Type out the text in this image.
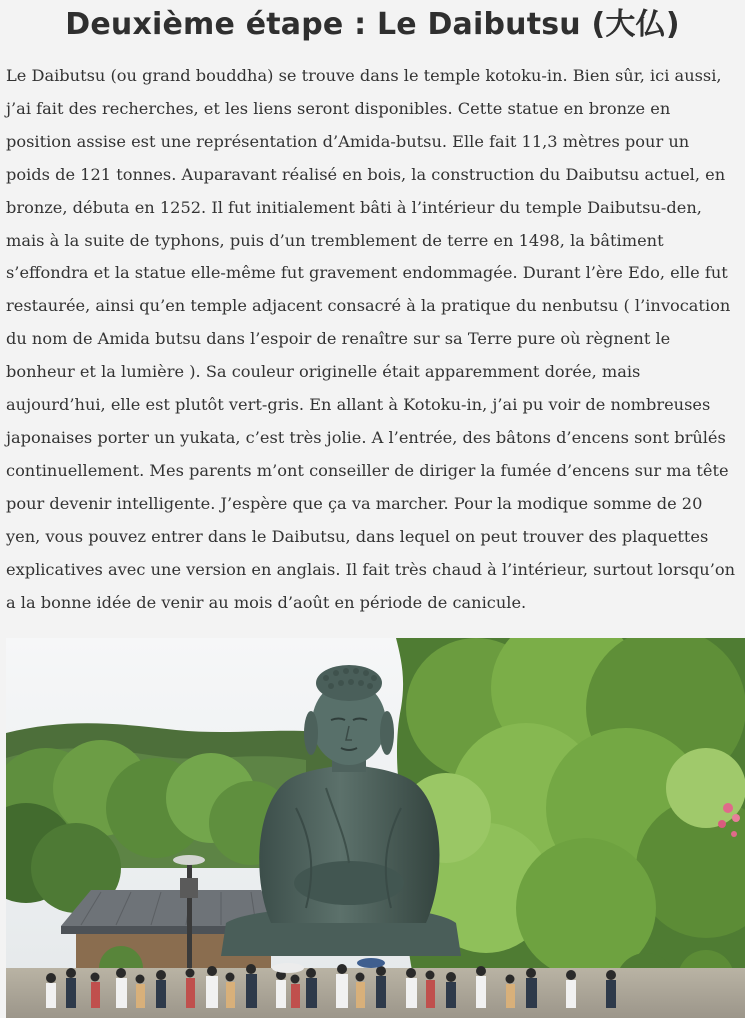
Deuxième étape : Le Daibutsu (大仏)

Le Daibutsu (ou grand bouddha) se trouve dans le temple kotoku-in. Bien sûr, ici aussi, j’ai fait des recherches, et les liens seront disponibles. Cette statue en bronze en position assise est une représentation d’Amida-butsu. Elle fait 11,3 mètres pour un poids de 121 tonnes. Auparavant réalisé en bois, la construction du Daibutsu actuel, en bronze, débuta en 1252. Il fut initialement bâti à l’intérieur du temple Daibutsu-den, mais à la suite de typhons, puis d’un tremblement de terre en 1498, la bâtiment s’effondra et la statue elle-même fut gravement endommagée. Durant l’ère Edo, elle fut restaurée, ainsi qu’en temple adjacent consacré à la pratique du nenbutsu ( l’invocation du nom de Amida butsu dans l’espoir de renaître sur sa Terre pure où règnent le bonheur et la lumière ). Sa couleur originelle était apparemment dorée, mais aujourd’hui, elle est plutôt vert-gris. En allant à Kotoku-in, j’ai pu voir de nombreuses japonaises porter un yukata, c’est très jolie. A l’entrée, des bâtons d’encens sont brûlés continuellement. Mes parents m’ont conseiller de diriger la fumée d’encens sur ma tête pour devenir intelligente. J’espère que ça va marcher. Pour la modique somme de 20 yen, vous pouvez entrer dans le Daibutsu, dans lequel on peut trouver des plaquettes explicatives avec une version en anglais. Il fait très chaud à l’intérieur, surtout lorsqu’on a la bonne idée de venir au mois d’août en période de canicule.
